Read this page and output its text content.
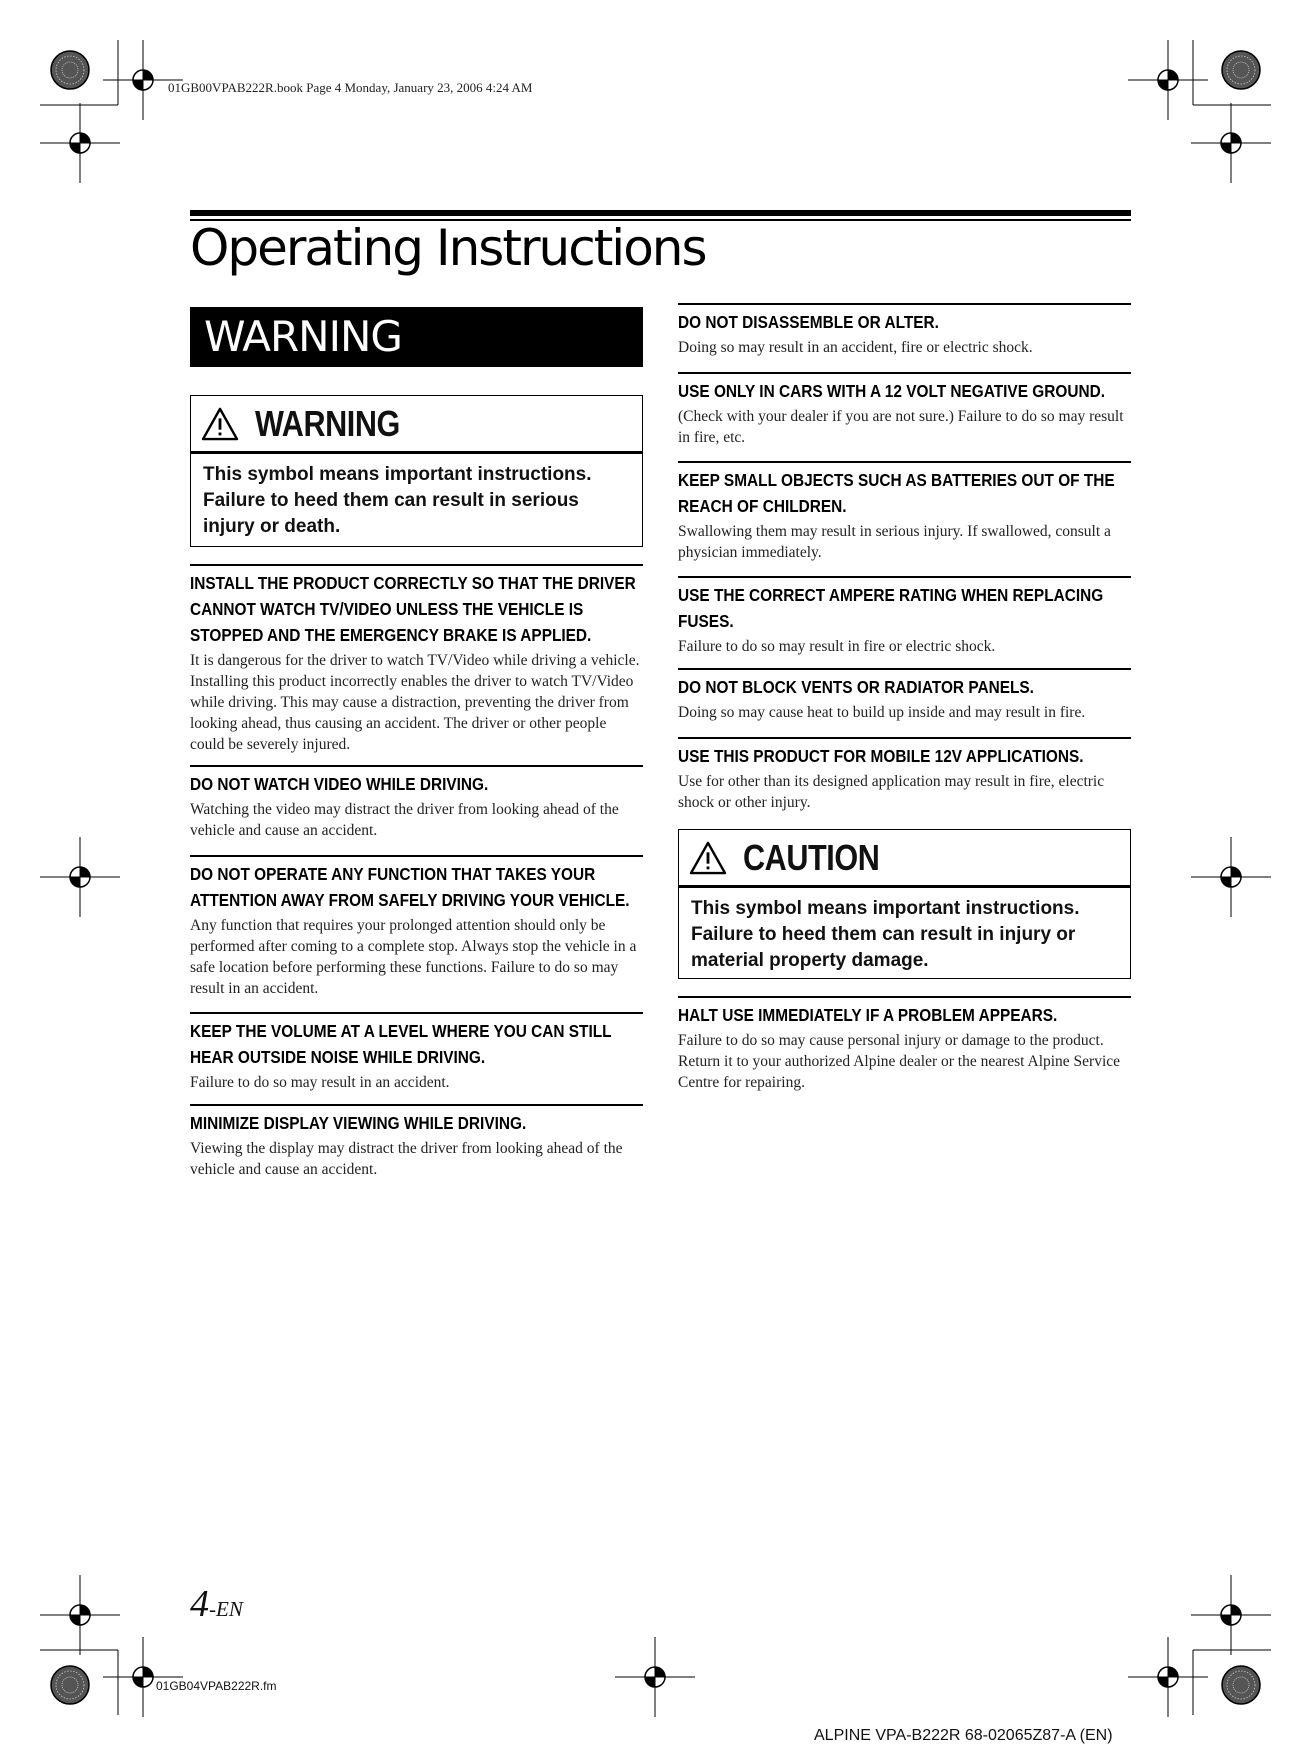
01GB00VPAB222R.book Page 4 Monday, January 23, 2006 4:24 AM
Operating Instructions
WARNING
WARNING
This symbol means important instructions. Failure to heed them can result in serious injury or death.
INSTALL THE PRODUCT CORRECTLY SO THAT THE DRIVER CANNOT WATCH TV/VIDEO UNLESS THE VEHICLE IS STOPPED AND THE EMERGENCY BRAKE IS APPLIED.

It is dangerous for the driver to watch TV/Video while driving a vehicle. Installing this product incorrectly enables the driver to watch TV/Video while driving. This may cause a distraction, preventing the driver from looking ahead, thus causing an accident. The driver or other people could be severely injured.

DO NOT WATCH VIDEO WHILE DRIVING.

Watching the video may distract the driver from looking ahead of the vehicle and cause an accident.

DO NOT OPERATE ANY FUNCTION THAT TAKES YOUR ATTENTION AWAY FROM SAFELY DRIVING YOUR VEHICLE.

Any function that requires your prolonged attention should only be performed after coming to a complete stop. Always stop the vehicle in a safe location before performing these functions. Failure to do so may result in an accident.

KEEP THE VOLUME AT A LEVEL WHERE YOU CAN STILL HEAR OUTSIDE NOISE WHILE DRIVING.

Failure to do so may result in an accident.

MINIMIZE DISPLAY VIEWING WHILE DRIVING.

Viewing the display may distract the driver from looking ahead of the vehicle and cause an accident.

DO NOT DISASSEMBLE OR ALTER.

Doing so may result in an accident, fire or electric shock.

USE ONLY IN CARS WITH A 12 VOLT NEGATIVE GROUND.

(Check with your dealer if you are not sure.) Failure to do so may result in fire, etc.

KEEP SMALL OBJECTS SUCH AS BATTERIES OUT OF THE REACH OF CHILDREN.

Swallowing them may result in serious injury. If swallowed, consult a physician immediately.

USE THE CORRECT AMPERE RATING WHEN REPLACING FUSES.

Failure to do so may result in fire or electric shock.

DO NOT BLOCK VENTS OR RADIATOR PANELS.

Doing so may cause heat to build up inside and may result in fire.

USE THIS PRODUCT FOR MOBILE 12V APPLICATIONS.

Use for other than its designed application may result in fire, electric shock or other injury.

CAUTION
This symbol means important instructions. Failure to heed them can result in injury or material property damage.
HALT USE IMMEDIATELY IF A PROBLEM APPEARS.

Failure to do so may cause personal injury or damage to the product. Return it to your authorized Alpine dealer or the nearest Alpine Service Centre for repairing.

4-EN
01GB04VPAB222R.fm
ALPINE VPA-B222R 68-02065Z87-A (EN)
